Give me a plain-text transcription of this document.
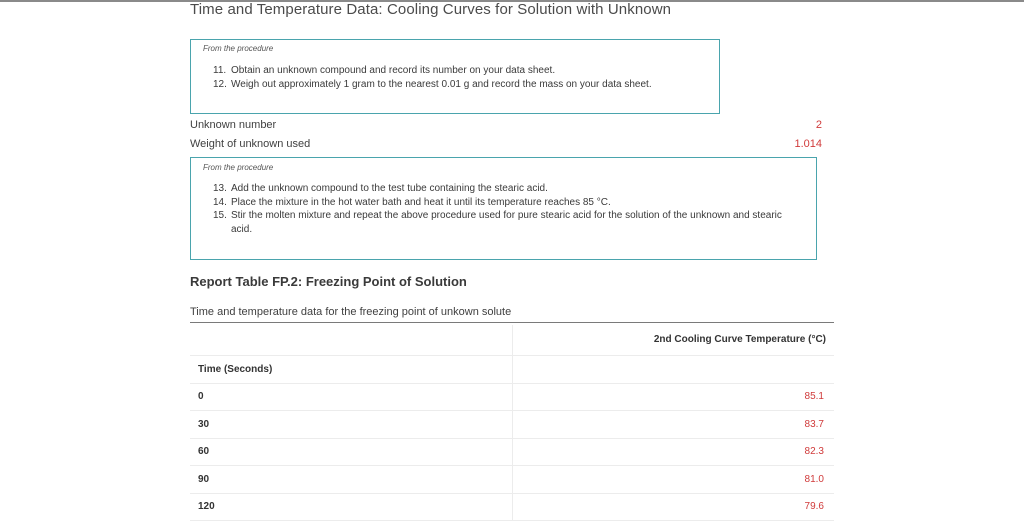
Time and Temperature Data: Cooling Curves for Solution with Unknown
From the procedure
11. Obtain an unknown compound and record its number on your data sheet.
12. Weigh out approximately 1 gram to the nearest 0.01 g and record the mass on your data sheet.
Unknown number	2
Weight of unknown used	1.014
From the procedure
13. Add the unknown compound to the test tube containing the stearic acid.
14. Place the mixture in the hot water bath and heat it until its temperature reaches 85 °C.
15. Stir the molten mixture and repeat the above procedure used for pure stearic acid for the solution of the unknown and stearic acid.
Report Table FP.2: Freezing Point of Solution
Time and temperature data for the freezing point of unkown solute
	2nd Cooling Curve Temperature (°C)
Time (Seconds)	
0	85.1
30	83.7
60	82.3
90	81.0
120	79.6
